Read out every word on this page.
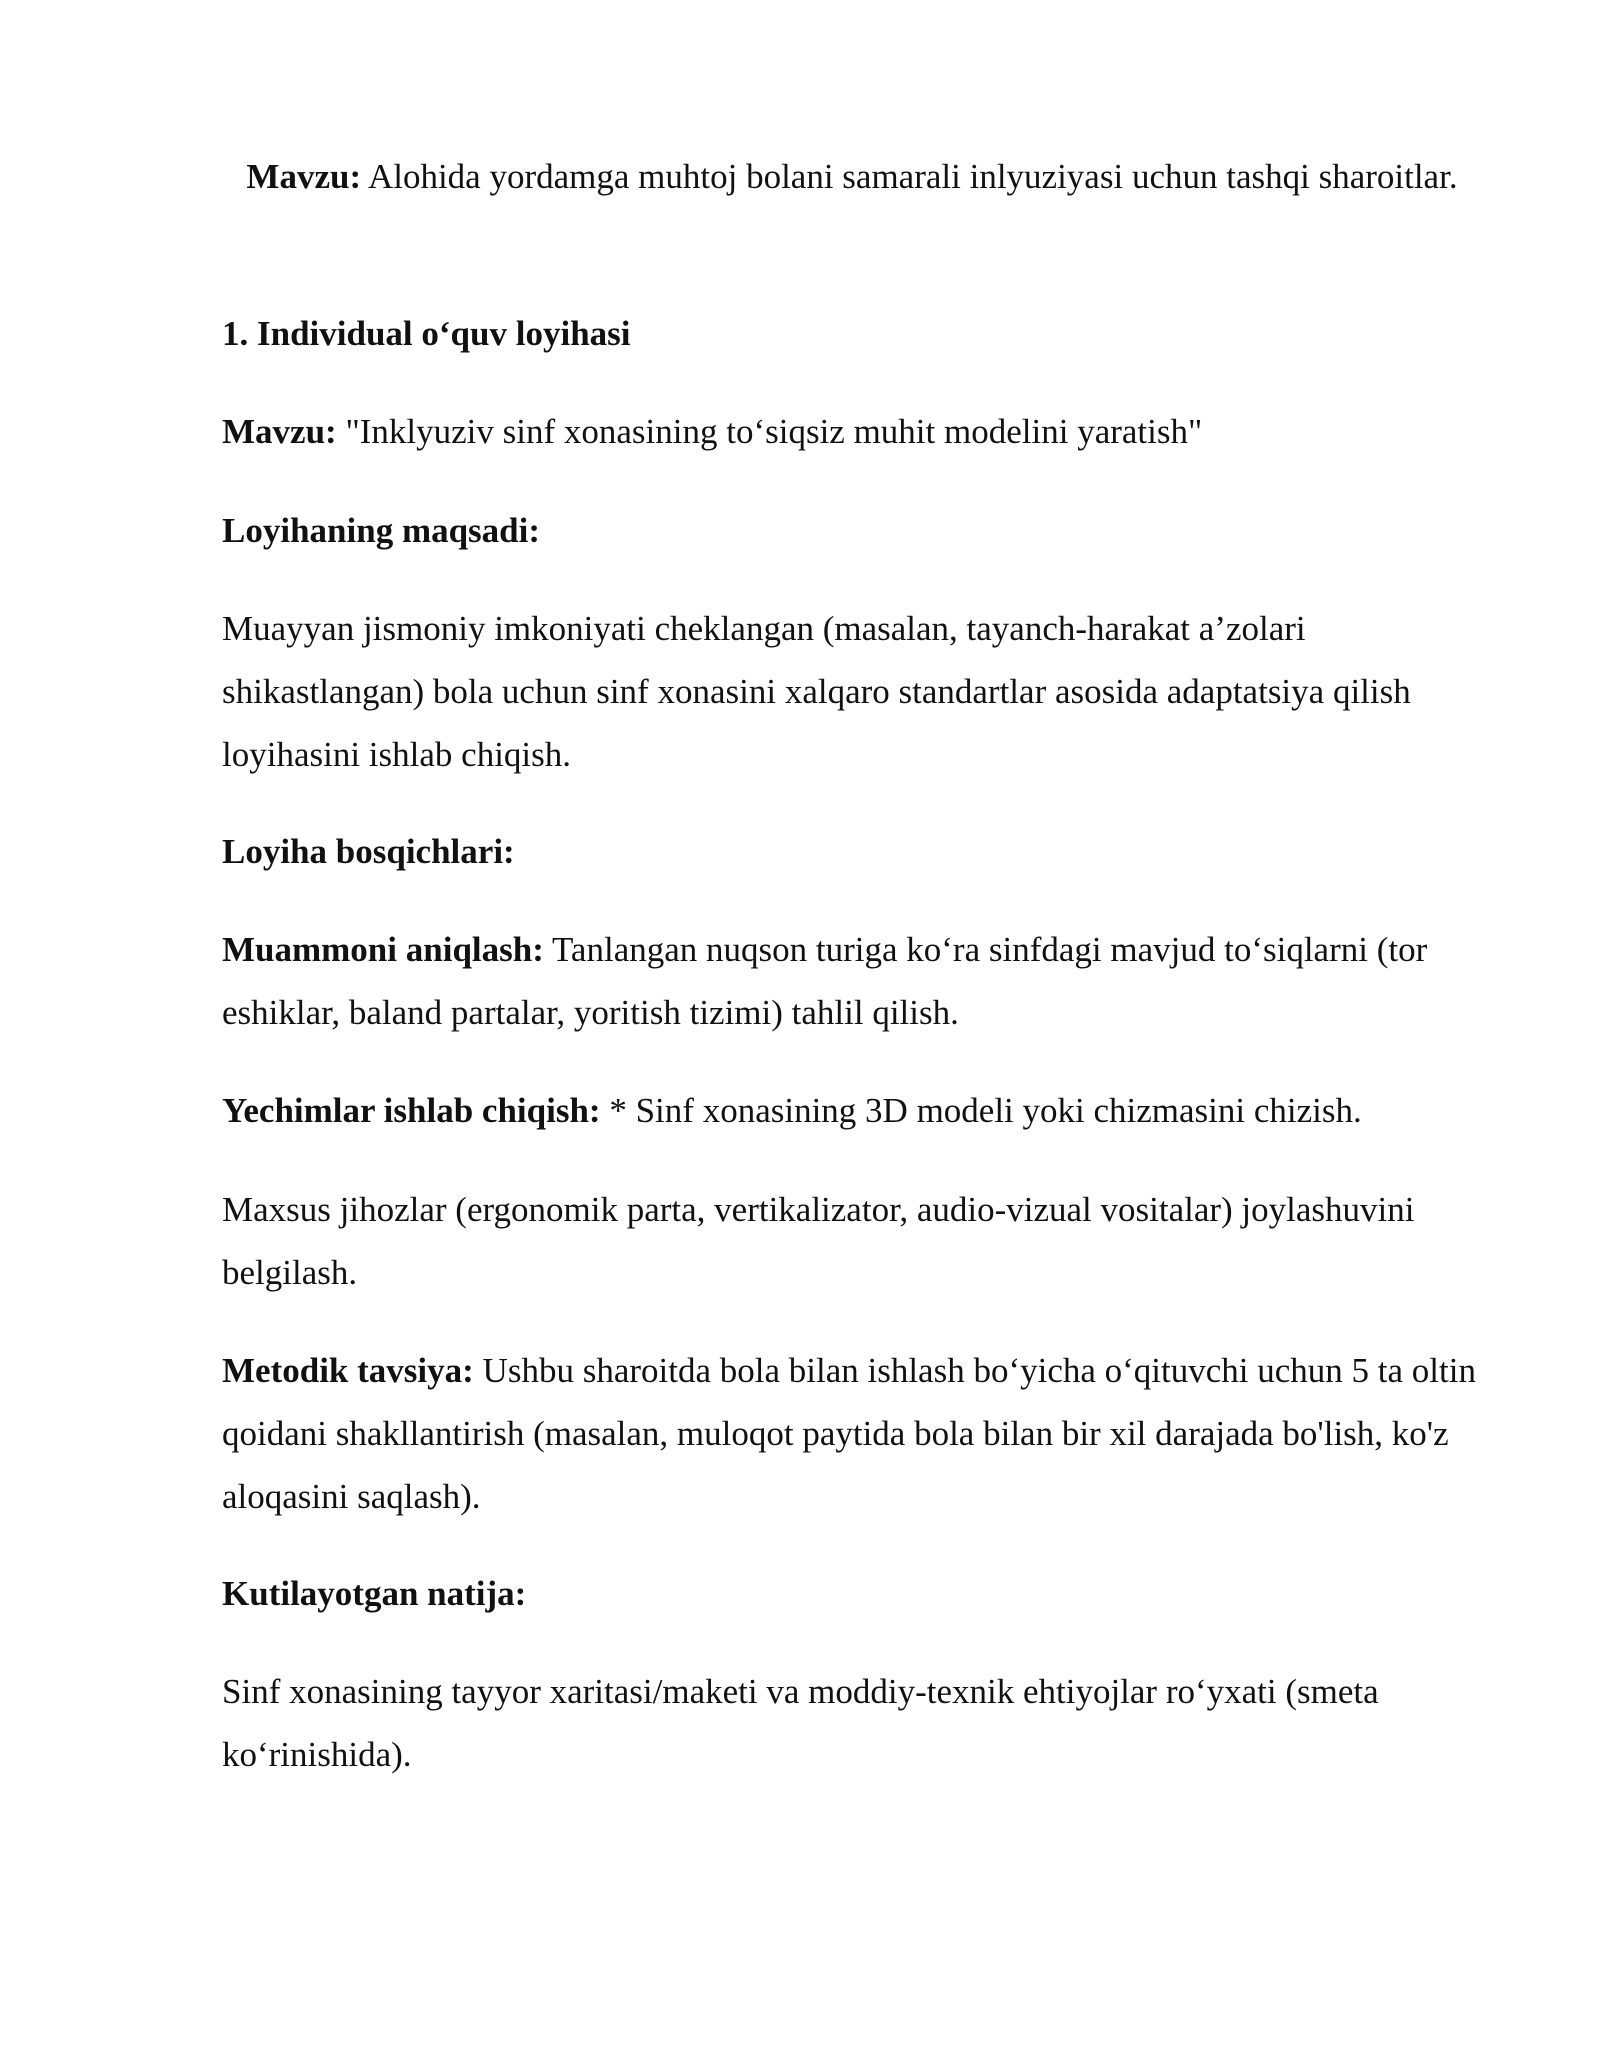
Mavzu: Alohida yordamga muhtoj bolani samarali inlyuziyasi uchun tashqi sharoitlar.

1. Individual o‘quv loyihasi

Mavzu: "Inklyuziv sinf xonasining to‘siqsiz muhit modelini yaratish"

Loyihaning maqsadi:

Muayyan jismoniy imkoniyati cheklangan (masalan, tayanch-harakat a’zolari shikastlangan) bola uchun sinf xonasini xalqaro standartlar asosida adaptatsiya qilish loyihasini ishlab chiqish.

Loyiha bosqichlari:

Muammoni aniqlash: Tanlangan nuqson turiga ko‘ra sinfdagi mavjud to‘siqlarni (tor eshiklar, baland partalar, yoritish tizimi) tahlil qilish.

Yechimlar ishlab chiqish: * Sinf xonasining 3D modeli yoki chizmasini chizish.

Maxsus jihozlar (ergonomik parta, vertikalizator, audio-vizual vositalar) joylashuvini belgilash.

Metodik tavsiya: Ushbu sharoitda bola bilan ishlash bo‘yicha o‘qituvchi uchun 5 ta oltin qoidani shakllantirish (masalan, muloqot paytida bola bilan bir xil darajada bo'lish, ko'z aloqasini saqlash).

Kutilayotgan natija:

Sinf xonasining tayyor xaritasi/maketi va moddiy-texnik ehtiyojlar ro‘yxati (smeta ko‘rinishida).
